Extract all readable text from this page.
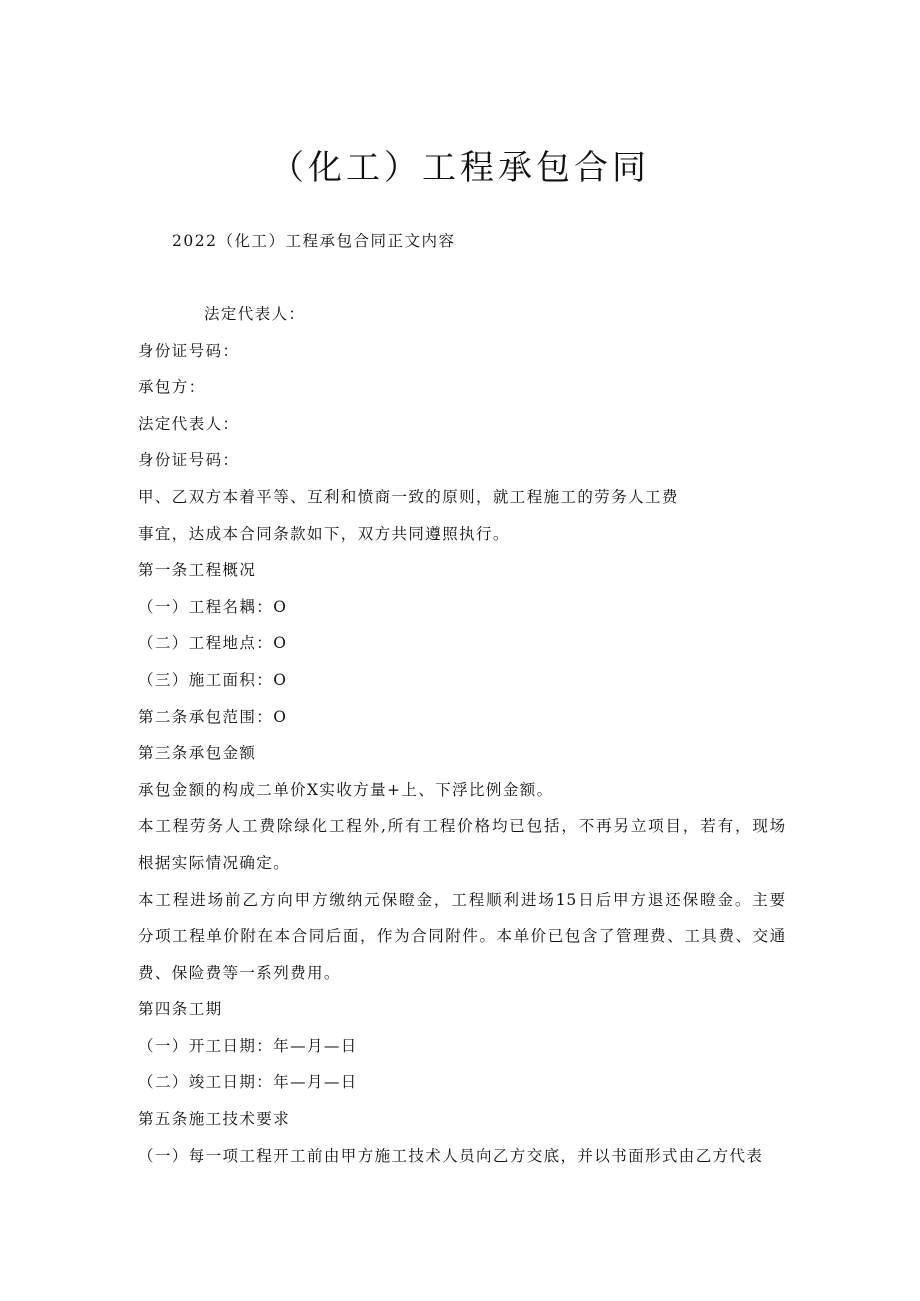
（化工）工程承包合同
2022（化工）工程承包合同正文内容
法定代表人：
身份证号码：
承包方：
法定代表人：
身份证号码：
甲、乙双方本着平等、互利和愤商一致的原则，就工程施工的劳务人工费
事宜，达成本合同条款如下，双方共同遵照执行。
第一条工程概况
（一）工程名耦：O
（二）工程地点：O
（三）施工面积：O
第二条承包范围：O
第三条承包金额
承包金额的构成二单价X实收方量+上、下浮比例金额。
本工程劳务人工费除绿化工程外,所有工程价格均已包括，不再另立项目，若有，现场
根据实际情况确定。
本工程进场前乙方向甲方缴纳元保瞪金，工程顺利进场15日后甲方退还保瞪金。主要
分项工程单价附在本合同后面，作为合同附件。本单价已包含了管理费、工具费、交通
费、保险费等一系列费用。
第四条工期
（一）开工日期：年—月—日
（二）竣工日期：年—月—日
第五条施工技术要求
（一）每一项工程开工前由甲方施工技术人员向乙方交底，并以书面形式由乙方代表
